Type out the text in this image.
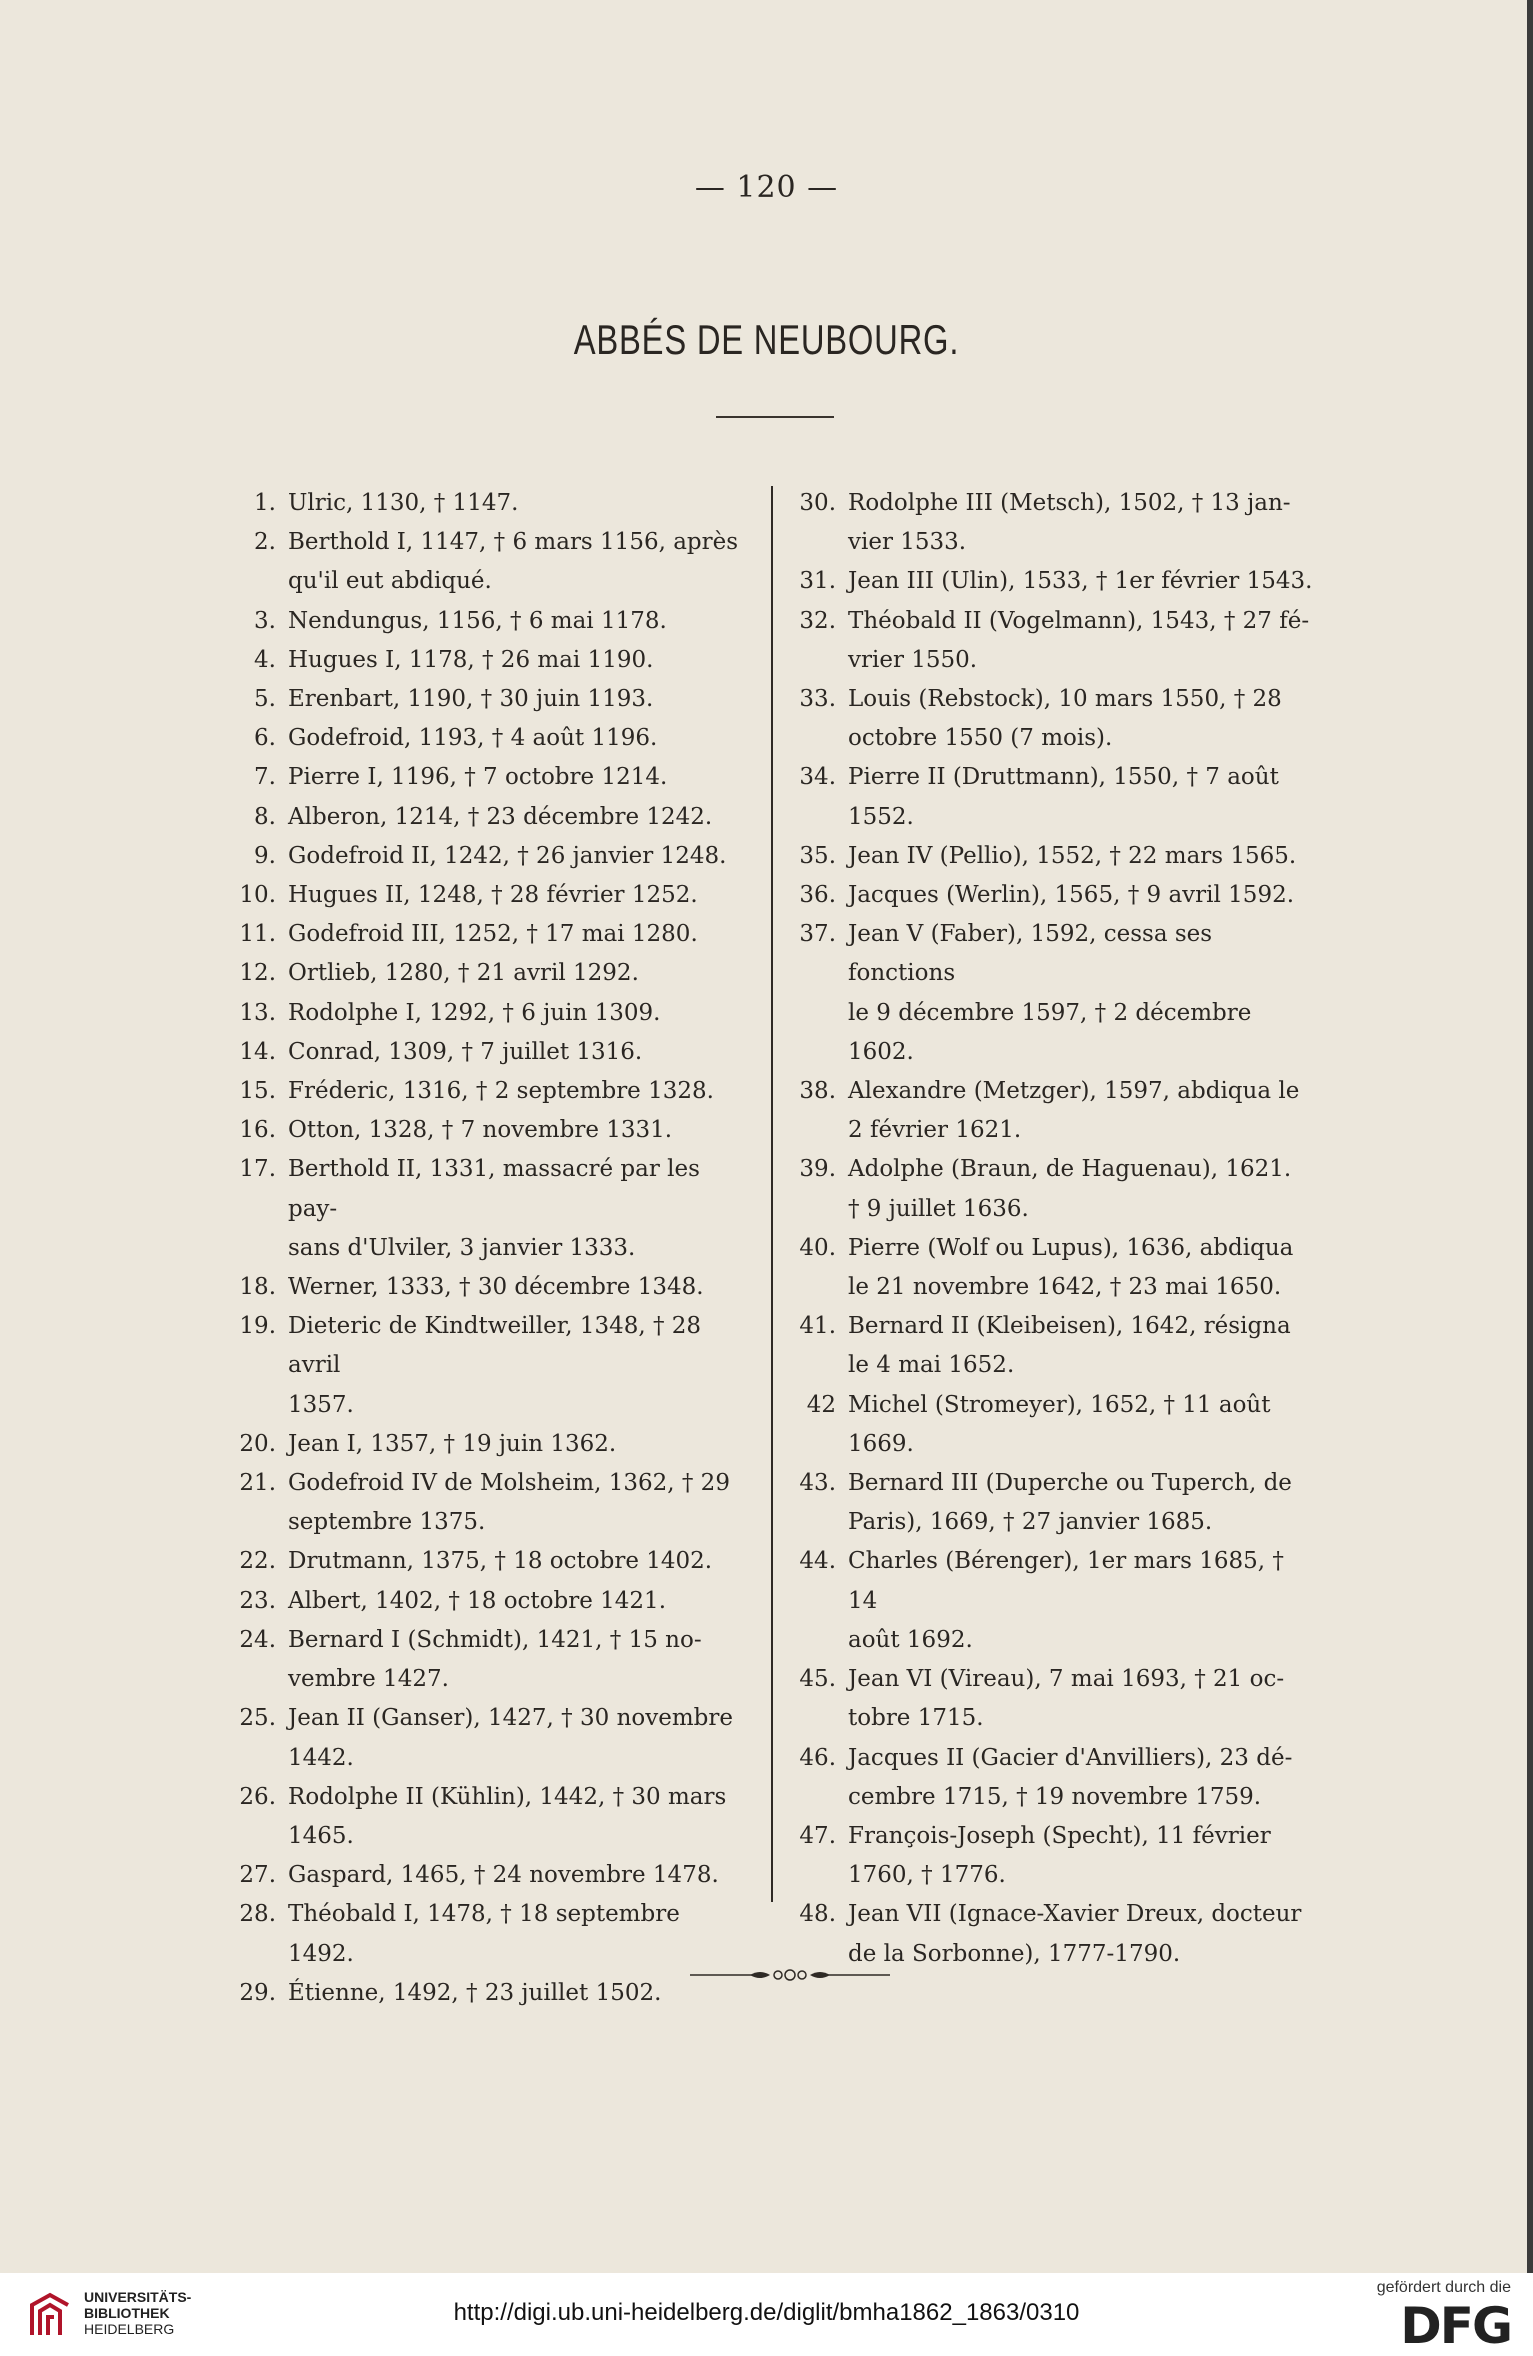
— 120 —
ABBÉS DE NEUBOURG.
1. Ulric, 1130, † 1147.
2. Berthold I, 1147, † 6 mars 1156, après
qu'il eut abdiqué.
3. Nendungus, 1156, † 6 mai 1178.
4. Hugues I, 1178, † 26 mai 1190.
5. Erenbart, 1190, † 30 juin 1193.
6. Godefroid, 1193, † 4 août 1196.
7. Pierre I, 1196, † 7 octobre 1214.
8. Alberon, 1214, † 23 décembre 1242.
9. Godefroid II, 1242, † 26 janvier 1248.
10. Hugues II, 1248, † 28 février 1252.
11. Godefroid III, 1252, † 17 mai 1280.
12. Ortlieb, 1280, † 21 avril 1292.
13. Rodolphe I, 1292, † 6 juin 1309.
14. Conrad, 1309, † 7 juillet 1316.
15. Fréderic, 1316, † 2 septembre 1328.
16. Otton, 1328, † 7 novembre 1331.
17. Berthold II, 1331, massacré par les pay-
sans d'Ulviler, 3 janvier 1333.
18. Werner, 1333, † 30 décembre 1348.
19. Dieteric de Kindtweiller, 1348, † 28 avril
1357.
20. Jean I, 1357, † 19 juin 1362.
21. Godefroid IV de Molsheim, 1362, † 29
septembre 1375.
22. Drutmann, 1375, † 18 octobre 1402.
23. Albert, 1402, † 18 octobre 1421.
24. Bernard I (Schmidt), 1421, † 15 no-
vembre 1427.
25. Jean II (Ganser), 1427, † 30 novembre
1442.
26. Rodolphe II (Kühlin), 1442, † 30 mars
1465.
27. Gaspard, 1465, † 24 novembre 1478.
28. Théobald I, 1478, † 18 septembre 1492.
29. Étienne, 1492, † 23 juillet 1502.
30. Rodolphe III (Metsch), 1502, † 13 jan-
vier 1533.
31. Jean III (Ulin), 1533, † 1er février 1543.
32. Théobald II (Vogelmann), 1543, † 27 fé-
vrier 1550.
33. Louis (Rebstock), 10 mars 1550, † 28
octobre 1550 (7 mois).
34. Pierre II (Druttmann), 1550, † 7 août
1552.
35. Jean IV (Pellio), 1552, † 22 mars 1565.
36. Jacques (Werlin), 1565, † 9 avril 1592.
37. Jean V (Faber), 1592, cessa ses fonctions
le 9 décembre 1597, † 2 décembre
1602.
38. Alexandre (Metzger), 1597, abdiqua le
2 février 1621.
39. Adolphe (Braun, de Haguenau), 1621.
† 9 juillet 1636.
40. Pierre (Wolf ou Lupus), 1636, abdiqua
le 21 novembre 1642, † 23 mai 1650.
41. Bernard II (Kleibeisen), 1642, résigna
le 4 mai 1652.
42 Michel (Stromeyer), 1652, † 11 août 1669.
43. Bernard III (Duperche ou Tuperch, de
Paris), 1669, † 27 janvier 1685.
44. Charles (Bérenger), 1er mars 1685, † 14
août 1692.
45. Jean VI (Vireau), 7 mai 1693, † 21 oc-
tobre 1715.
46. Jacques II (Gacier d'Anvilliers), 23 dé-
cembre 1715, † 19 novembre 1759.
47. François-Joseph (Specht), 11 février
1760, † 1776.
48. Jean VII (Ignace-Xavier Dreux, docteur
de la Sorbonne), 1777-1790.
UNIVERSITÄTS-
BIBLIOTHEK
HEIDELBERG
http://digi.ub.uni-heidelberg.de/diglit/bmha1862_1863/0310
gefördert durch die
DFG
